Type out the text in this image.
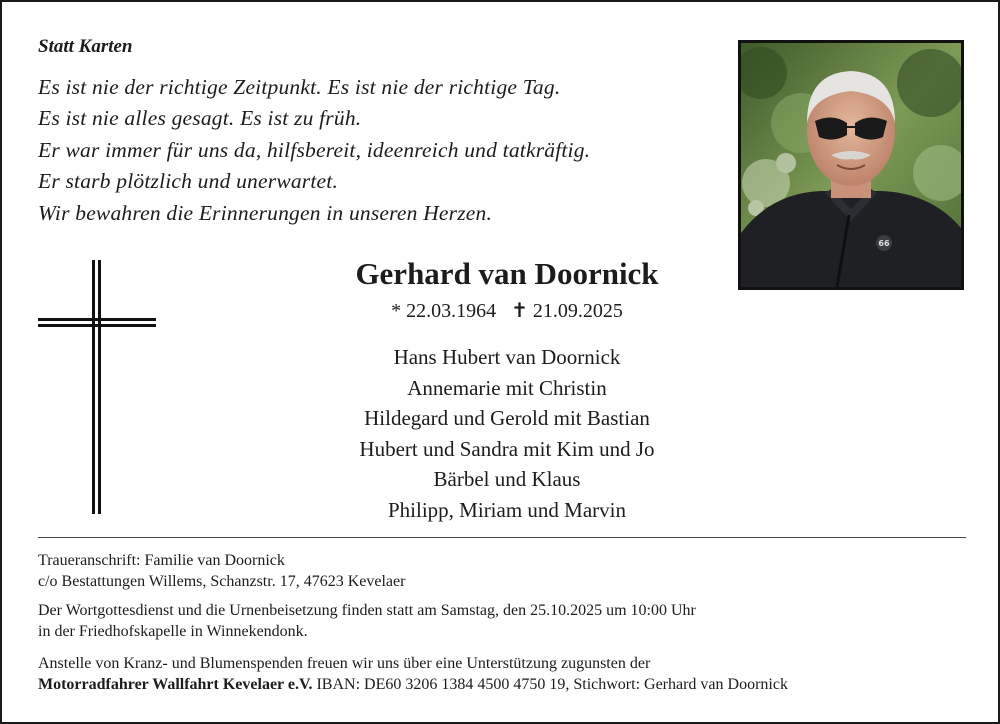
Statt Karten
Es ist nie der richtige Zeitpunkt. Es ist nie der richtige Tag.
Es ist nie alles gesagt. Es ist zu früh.
Er war immer für uns da, hilfsbereit, ideenreich und tatkräftig.
Er starb plötzlich und unerwartet.
Wir bewahren die Erinnerungen in unseren Herzen.
66
Gerhard van Doornick
* 22.03.1964 ✝ 21.09.2025
Hans Hubert van Doornick
Annemarie mit Christin
Hildegard und Gerold mit Bastian
Hubert und Sandra mit Kim und Jo
Bärbel und Klaus
Philipp, Miriam und Marvin
Traueranschrift: Familie van Doornick
c/o Bestattungen Willems, Schanzstr. 17, 47623 Kevelaer
Der Wortgottesdienst und die Urnenbeisetzung finden statt am Samstag, den 25.10.2025 um 10:00 Uhr
in der Friedhofskapelle in Winnekendonk.
Anstelle von Kranz- und Blumenspenden freuen wir uns über eine Unterstützung zugunsten der
Motorradfahrer Wallfahrt Kevelaer e.V. IBAN: DE60 3206 1384 4500 4750 19, Stichwort: Gerhard van Doornick
